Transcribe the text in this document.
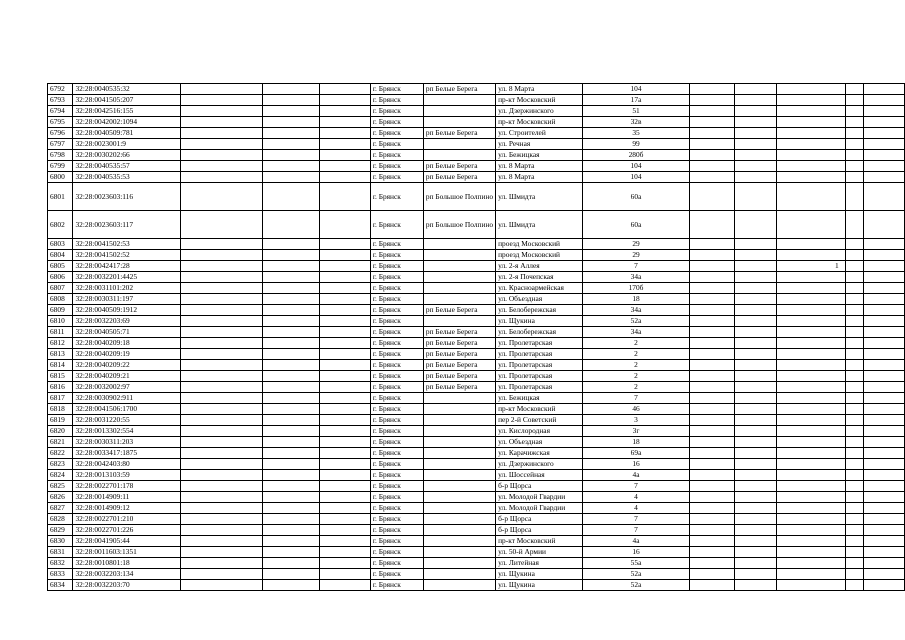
6792	32:28:0040535:32				г. Брянск	рп Белые Берега	ул. 8 Марта	104					
6793	32:28:0041505:207				г. Брянск		пр-кт Московский	17а					
6794	32:28:0042516:155				г. Брянск		ул. Дзержинского	51					
6795	32:28:0042002:1094				г. Брянск		пр-кт Московский	32в					
6796	32:28:0040509:781				г. Брянск	рп Белые Берега	ул. Строителей	35					
6797	32:28:0023001:9				г. Брянск		ул. Речная	99					
6798	32:28:0030202:66				г. Брянск		ул. Бежицкая	280б					
6799	32:28:0040535:57				г. Брянск	рп Белые Берега	ул. 8 Марта	104					
6800	32:28:0040535:53				г. Брянск	рп Белые Берега	ул. 8 Марта	104					
6801	32:28:0023603:116				г. Брянск	рп Большое Полпино	ул. Шмидта	60а					
6802	32:28:0023603:117				г. Брянск	рп Большое Полпино	ул. Шмидта	60а					
6803	32:28:0041502:53				г. Брянск		проезд Московский	29					
6804	32:28:0041502:52				г. Брянск		проезд Московский	29					
6805	32:28:0042417:28				г. Брянск		ул. 2-я Аллея	7			1		
6806	32:28:0032201:4425				г. Брянск		ул. 2-я Почепская	34а					
6807	32:28:0031101:202				г. Брянск		ул. Красноармейская	170б					
6808	32:28:0030311:197				г. Брянск		ул. Объездная	18					
6809	32:28:0040509:1912				г. Брянск	рп Белые Берега	ул. Белобережская	34а					
6810	32:28:0032203:69				г. Брянск		ул. Щукина	52а					
6811	32:28:0040505:71				г. Брянск	рп Белые Берега	ул. Белобережская	34а					
6812	32:28:0040209:18				г. Брянск	рп Белые Берега	ул. Пролетарская	2					
6813	32:28:0040209:19				г. Брянск	рп Белые Берега	ул. Пролетарская	2					
6814	32:28:0040209:22				г. Брянск	рп Белые Берега	ул. Пролетарская	2					
6815	32:28:0040209:21				г. Брянск	рп Белые Берега	ул. Пролетарская	2					
6816	32:28:0032002:97				г. Брянск	рп Белые Берега	ул. Пролетарская	2					
6817	32:28:0030902:911				г. Брянск		ул. Бежицкая	7					
6818	32:28:0041506:1700				г. Брянск		пр-кт Московский	46					
6819	32:28:0031220:55				г. Брянск		пер 2-й Советский	3					
6820	32:28:0013302:554				г. Брянск		ул. Кислородная	3г					
6821	32:28:0030311:203				г. Брянск		ул. Объездная	18					
6822	32:28:0033417:1875				г. Брянск		ул. Карачижская	69а					
6823	32:28:0042403:80				г. Брянск		ул. Дзержинского	16					
6824	32:28:0013103:59				г. Брянск		ул. Шоссейная	4а					
6825	32:28:0022701:178				г. Брянск		б-р Щорса	7					
6826	32:28:0014909:11				г. Брянск		ул. Молодой Гвардии	4					
6827	32:28:0014909:12				г. Брянск		ул. Молодой Гвардии	4					
6828	32:28:0022701:210				г. Брянск		б-р Щорса	7					
6829	32:28:0022701:226				г. Брянск		б-р Щорса	7					
6830	32:28:0041905:44				г. Брянск		пр-кт Московский	4а					
6831	32:28:0011603:1351				г. Брянск		ул. 50-й Армии	16					
6832	32:28:0010801:18				г. Брянск		ул. Литейная	55а					
6833	32:28:0032203:134				г. Брянск		ул. Щукина	52а					
6834	32:28:0032203:70				г. Брянск		ул. Щукина	52а					
